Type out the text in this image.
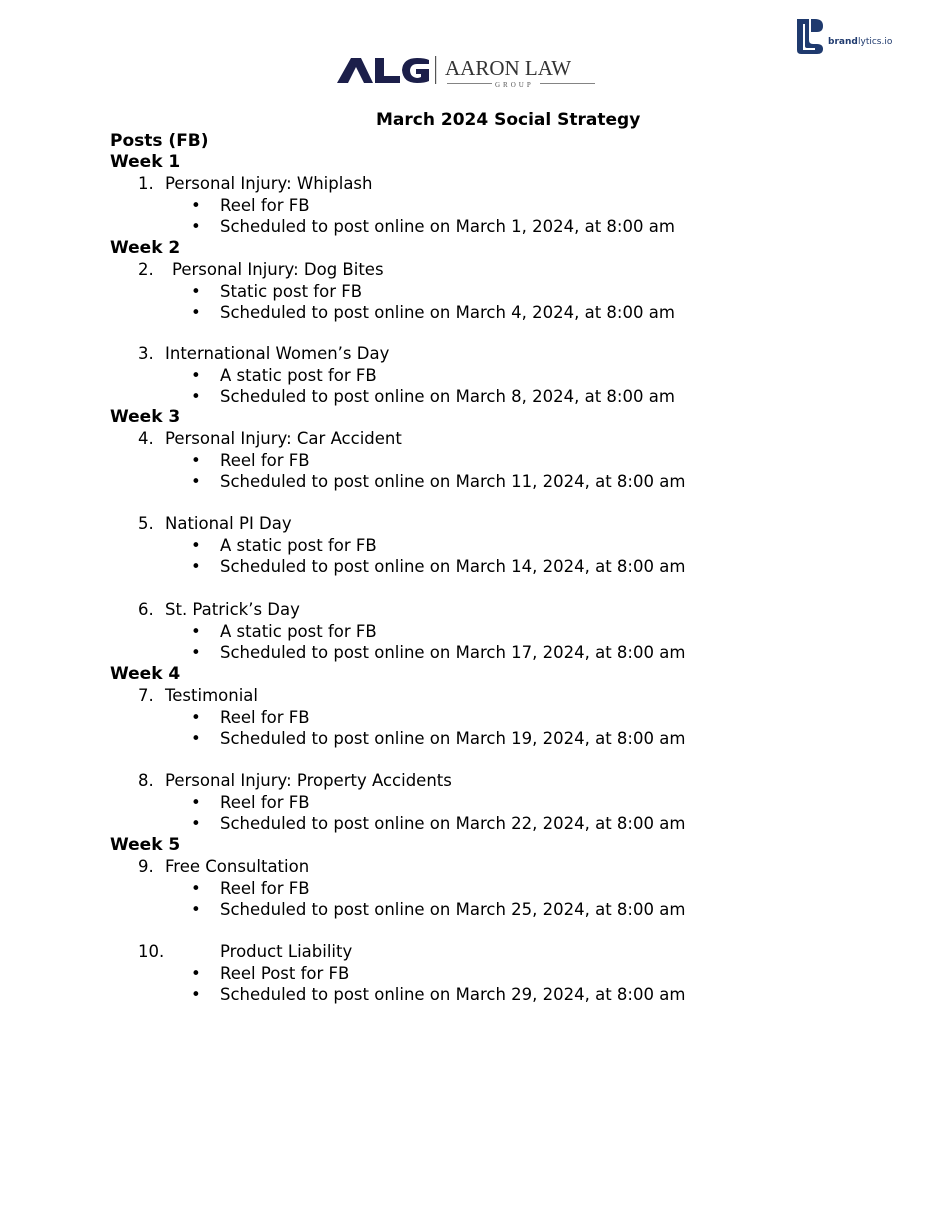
AARON LAW
GROUP
brand lytics.io
March 2024 Social Strategy
Posts (FB)
Week 1
1. Personal Injury: Whiplash
• Reel for FB
• Scheduled to post online on March 1, 2024, at 8:00 am
Week 2
2. Personal Injury: Dog Bites
• Static post for FB
• Scheduled to post online on March 4, 2024, at 8:00 am
3. International Women’s Day
• A static post for FB
• Scheduled to post online on March 8, 2024, at 8:00 am
Week 3
4. Personal Injury: Car Accident
• Reel for FB
• Scheduled to post online on March 11, 2024, at 8:00 am
5. National PI Day
• A static post for FB
• Scheduled to post online on March 14, 2024, at 8:00 am
6. St. Patrick’s Day
• A static post for FB
• Scheduled to post online on March 17, 2024, at 8:00 am
Week 4
7. Testimonial
• Reel for FB
• Scheduled to post online on March 19, 2024, at 8:00 am
8. Personal Injury: Property Accidents
• Reel for FB
• Scheduled to post online on March 22, 2024, at 8:00 am
Week 5
9. Free Consultation
• Reel for FB
• Scheduled to post online on March 25, 2024, at 8:00 am
10.	Product Liability
• Reel Post for FB
• Scheduled to post online on March 29, 2024, at 8:00 am
